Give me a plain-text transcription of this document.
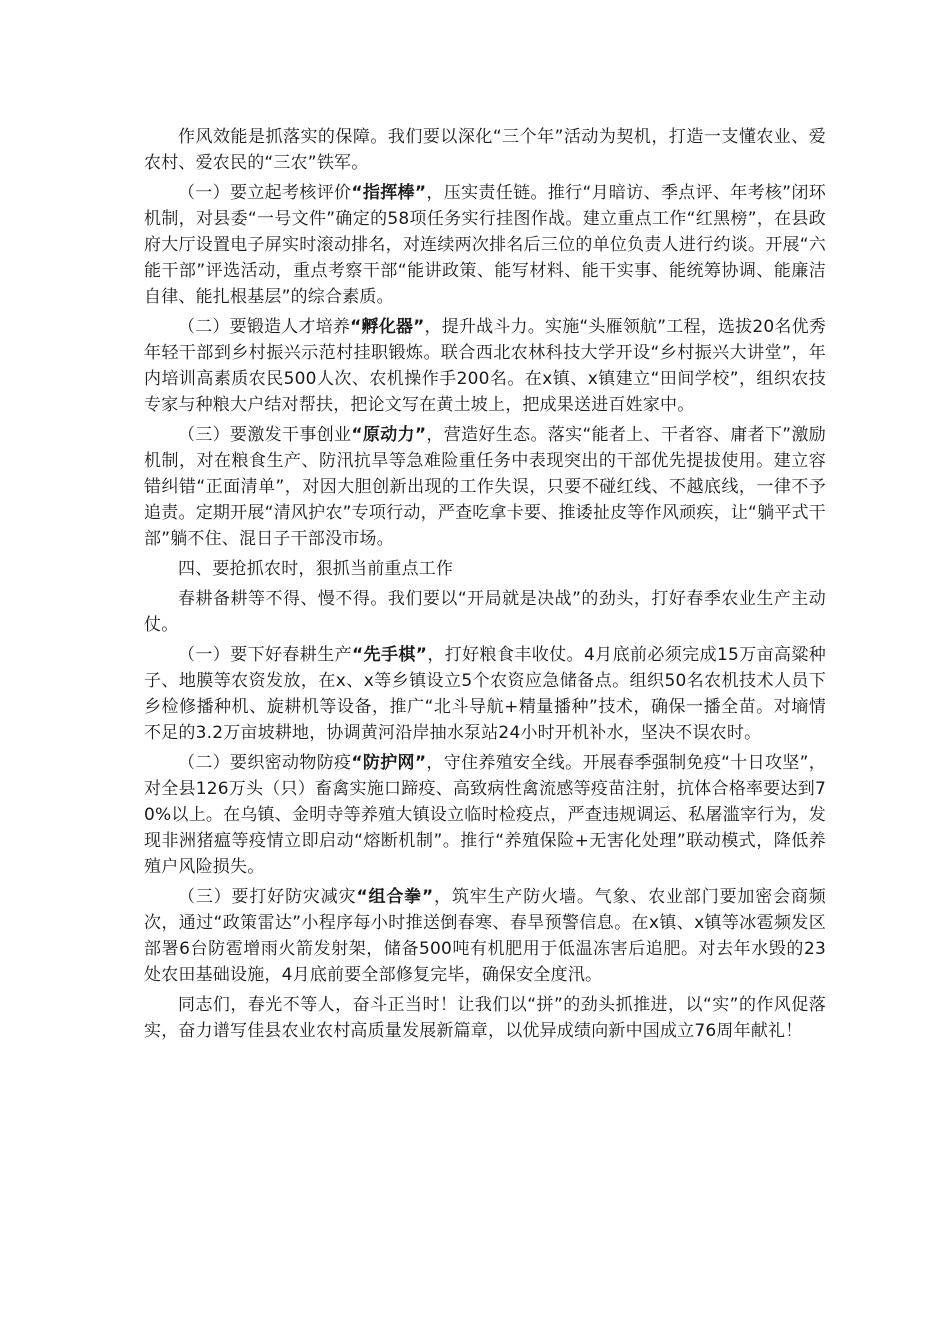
作风效能是抓落实的保障。我们要以深化“三个年”活动为契机，打造一支懂农业、爱农村、爱农民的“三农”铁军。

（一）要立起考核评价“指挥棒”，压实责任链。推行“月暗访、季点评、年考核”闭环机制，对县委“一号文件”确定的58项任务实行挂图作战。建立重点工作“红黑榜”，在县政府大厅设置电子屏实时滚动排名，对连续两次排名后三位的单位负责人进行约谈。开展“六能干部”评选活动，重点考察干部“能讲政策、能写材料、能干实事、能统筹协调、能廉洁自律、能扎根基层”的综合素质。

（二）要锻造人才培养“孵化器”，提升战斗力。实施“头雁领航”工程，选拔20名优秀年轻干部到乡村振兴示范村挂职锻炼。联合西北农林科技大学开设“乡村振兴大讲堂”，年内培训高素质农民500人次、农机操作手200名。在x镇、x镇建立“田间学校”，组织农技专家与种粮大户结对帮扶，把论文写在黄土坡上，把成果送进百姓家中。

（三）要激发干事创业“原动力”，营造好生态。落实“能者上、干者容、庸者下”激励机制，对在粮食生产、防汛抗旱等急难险重任务中表现突出的干部优先提拔使用。建立容错纠错“正面清单”，对因大胆创新出现的工作失误，只要不碰红线、不越底线，一律不予追责。定期开展“清风护农”专项行动，严查吃拿卡要、推诿扯皮等作风顽疾，让“躺平式干部”躺不住、混日子干部没市场。

四、要抢抓农时，狠抓当前重点工作

春耕备耕等不得、慢不得。我们要以“开局就是决战”的劲头，打好春季农业生产主动仗。

（一）要下好春耕生产“先手棋”，打好粮食丰收仗。4月底前必须完成15万亩高粱种子、地膜等农资发放，在x、x等乡镇设立5个农资应急储备点。组织50名农机技术人员下乡检修播种机、旋耕机等设备，推广“北斗导航+精量播种”技术，确保一播全苗。对墒情不足的3.2万亩坡耕地，协调黄河沿岸抽水泵站24小时开机补水，坚决不误农时。

（二）要织密动物防疫“防护网”，守住养殖安全线。开展春季强制免疫“十日攻坚”，对全县126万头（只）畜禽实施口蹄疫、高致病性禽流感等疫苗注射，抗体合格率要达到70%以上。在乌镇、金明寺等养殖大镇设立临时检疫点，严查违规调运、私屠滥宰行为，发现非洲猪瘟等疫情立即启动“熔断机制”。推行“养殖保险+无害化处理”联动模式，降低养殖户风险损失。

（三）要打好防灾减灾“组合拳”，筑牢生产防火墙。气象、农业部门要加密会商频次，通过“政策雷达”小程序每小时推送倒春寒、春旱预警信息。在x镇、x镇等冰雹频发区部署6台防雹增雨火箭发射架，储备500吨有机肥用于低温冻害后追肥。对去年水毁的23处农田基础设施，4月底前要全部修复完毕，确保安全度汛。

同志们，春光不等人，奋斗正当时！让我们以“拼”的劲头抓推进，以“实”的作风促落实，奋力谱写佳县农业农村高质量发展新篇章，以优异成绩向新中国成立76周年献礼！
